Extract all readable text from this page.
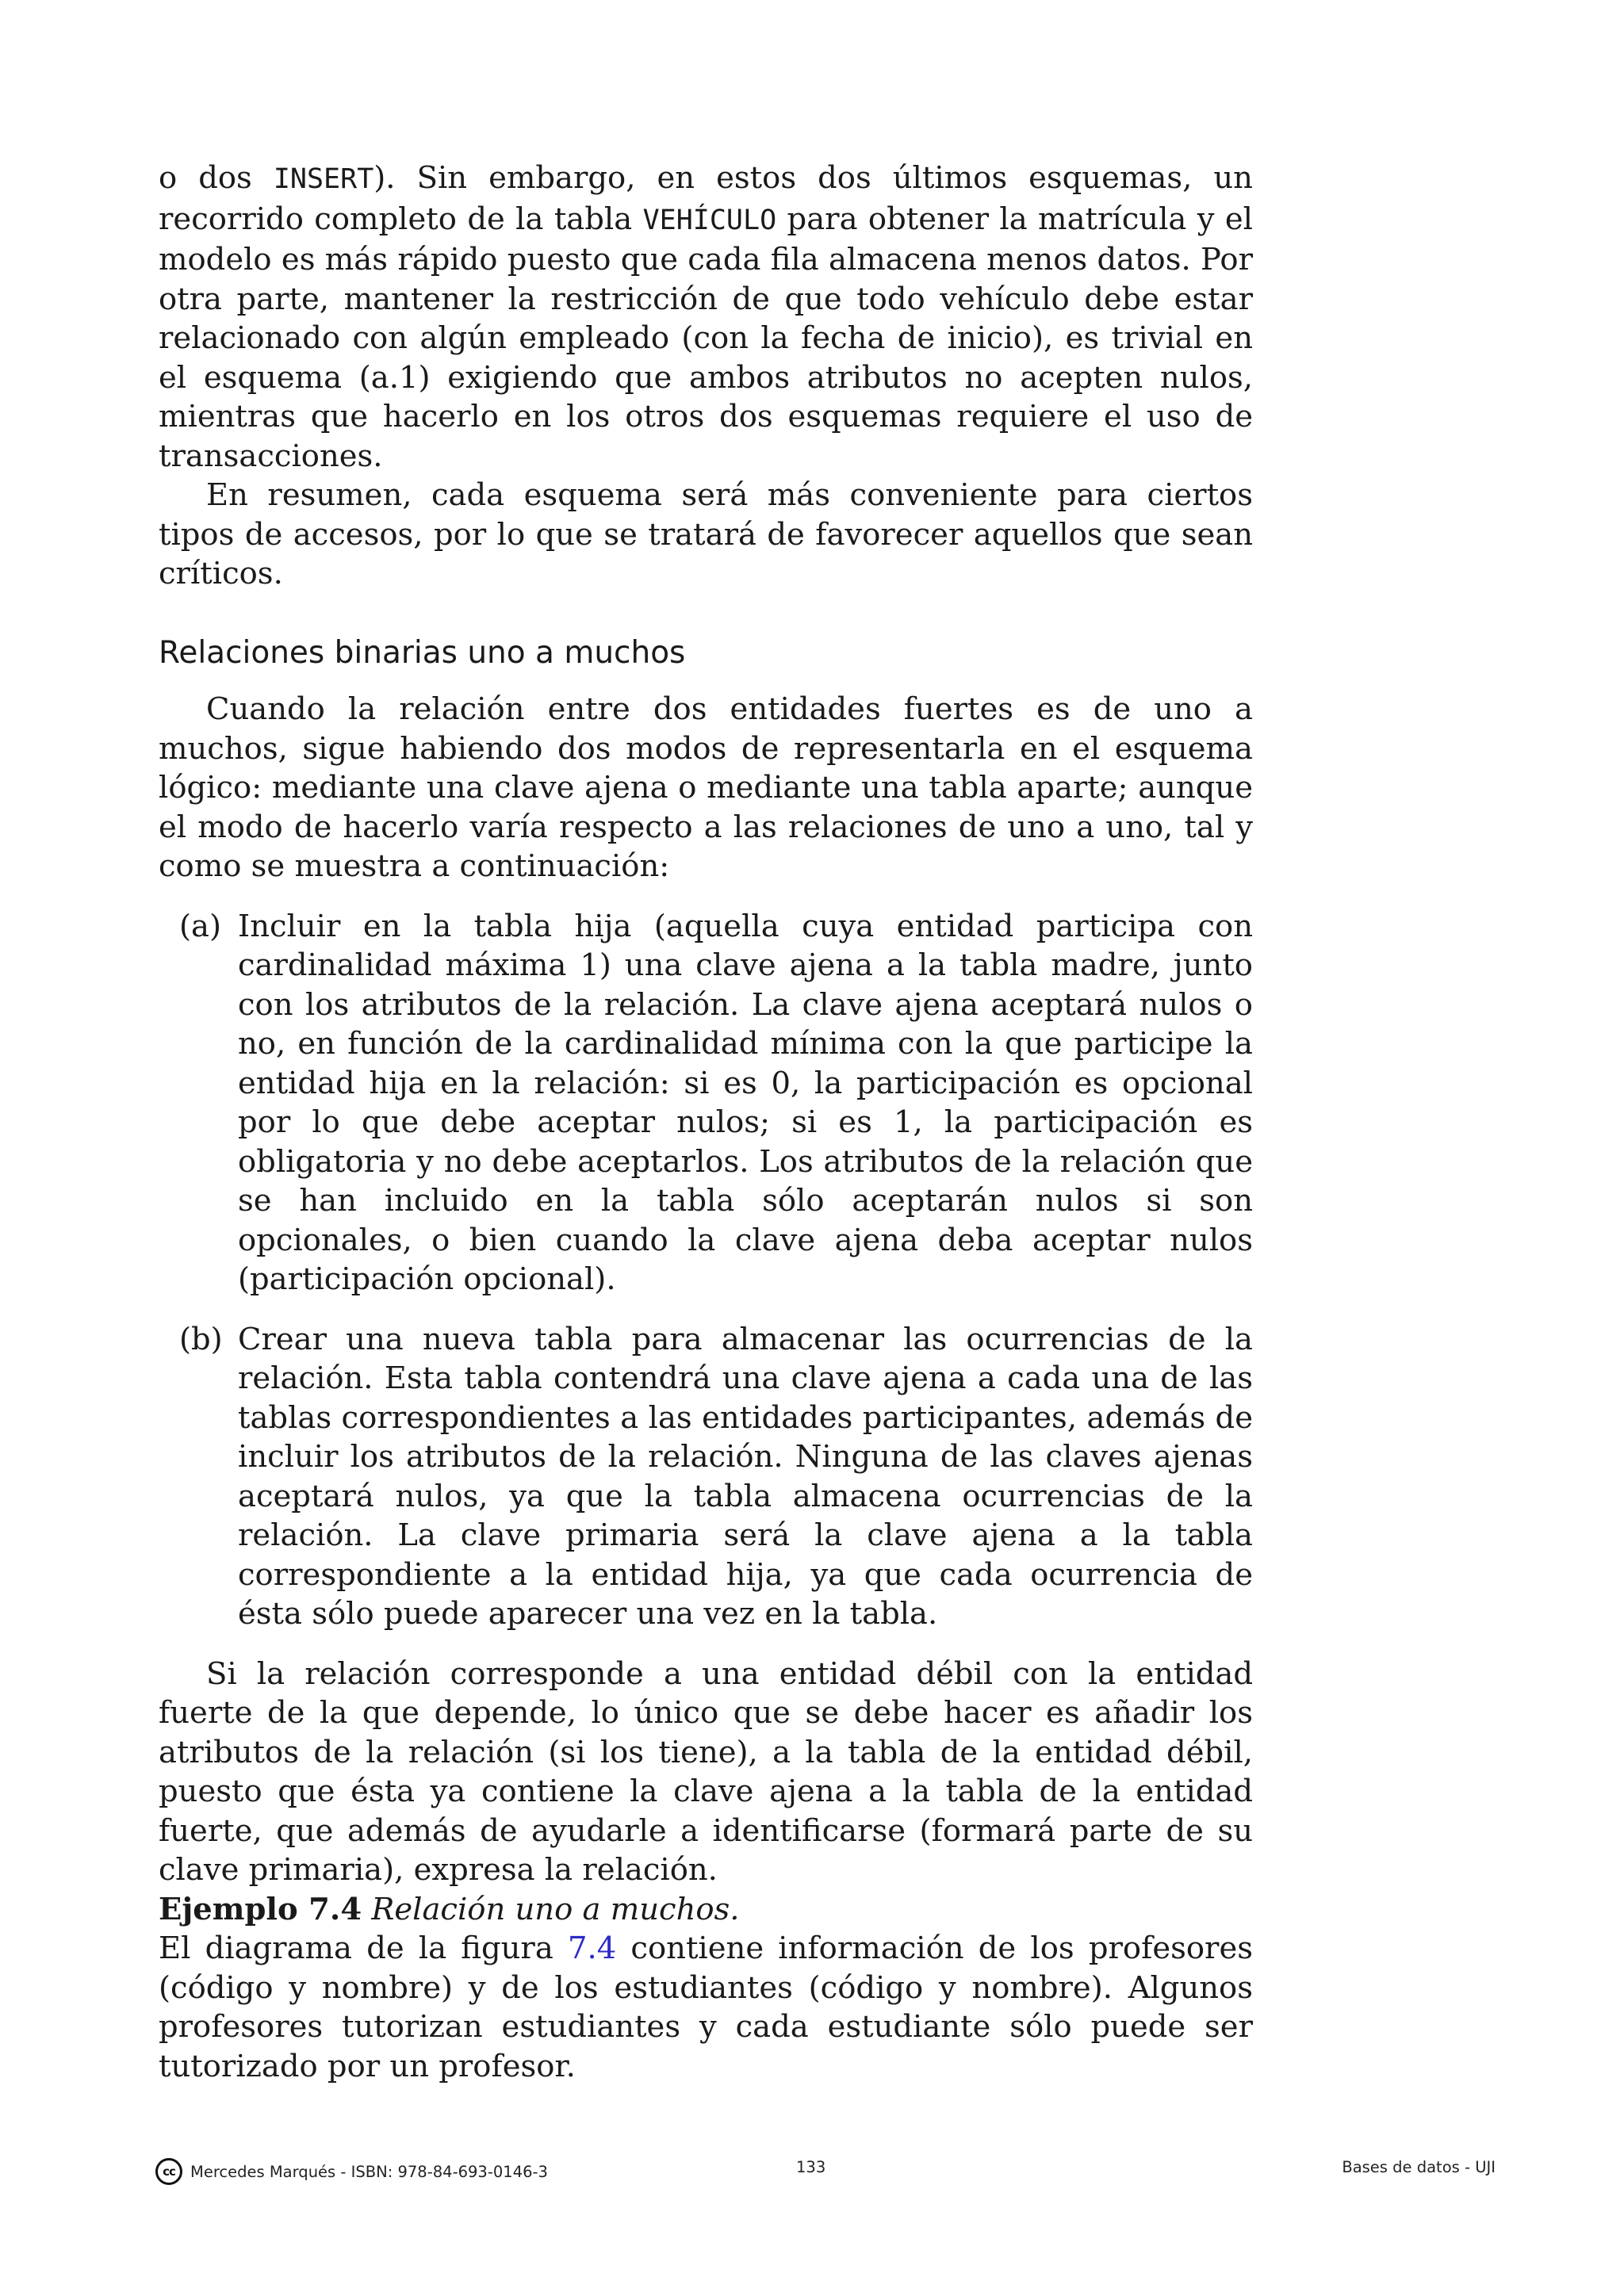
o dos INSERT). Sin embargo, en estos dos últimos esquemas, un recorrido completo de la tabla VEHÍCULO para obtener la matrícula y el modelo es más rápido puesto que cada fila almacena menos datos. Por otra parte, mantener la restricción de que todo vehículo debe estar relacionado con algún empleado (con la fecha de inicio), es trivial en el esquema (a.1) exigiendo que ambos atributos no acepten nulos, mientras que hacerlo en los otros dos esquemas requiere el uso de transacciones.

En resumen, cada esquema será más conveniente para ciertos tipos de accesos, por lo que se tratará de favorecer aquellos que sean críticos.

Relaciones binarias uno a muchos

Cuando la relación entre dos entidades fuertes es de uno a muchos, sigue habiendo dos modos de representarla en el esquema lógico: mediante una clave ajena o mediante una tabla aparte; aunque el modo de hacerlo varía respecto a las relaciones de uno a uno, tal y como se muestra a continuación:

(a) Incluir en la tabla hija (aquella cuya entidad participa con cardinalidad máxima 1) una clave ajena a la tabla madre, junto con los atributos de la relación. La clave ajena aceptará nulos o no, en función de la cardinalidad mínima con la que participe la entidad hija en la relación: si es 0, la participación es opcional por lo que debe aceptar nulos; si es 1, la participación es obligatoria y no debe aceptarlos. Los atributos de la relación que se han incluido en la tabla sólo aceptarán nulos si son opcionales, o bien cuando la clave ajena deba aceptar nulos (participación opcional).
(b) Crear una nueva tabla para almacenar las ocurrencias de la relación. Esta tabla contendrá una clave ajena a cada una de las tablas correspondientes a las entidades participantes, además de incluir los atributos de la relación. Ninguna de las claves ajenas aceptará nulos, ya que la tabla almacena ocurrencias de la relación. La clave primaria será la clave ajena a la tabla correspondiente a la entidad hija, ya que cada ocurrencia de ésta sólo puede aparecer una vez en la tabla.

Si la relación corresponde a una entidad débil con la entidad fuerte de la que depende, lo único que se debe hacer es añadir los atributos de la relación (si los tiene), a la tabla de la entidad débil, puesto que ésta ya contiene la clave ajena a la tabla de la entidad fuerte, que además de ayudarle a identificarse (formará parte de su clave primaria), expresa la relación.

Ejemplo 7.4 Relación uno a muchos.

El diagrama de la figura 7.4 contiene información de los profesores (código y nombre) y de los estudiantes (código y nombre). Algunos profesores tutorizan estudiantes y cada estudiante sólo puede ser tutorizado por un profesor.

cc Mercedes Marqués - ISBN: 978-84-693-0146-3	133	Bases de datos - UJI
